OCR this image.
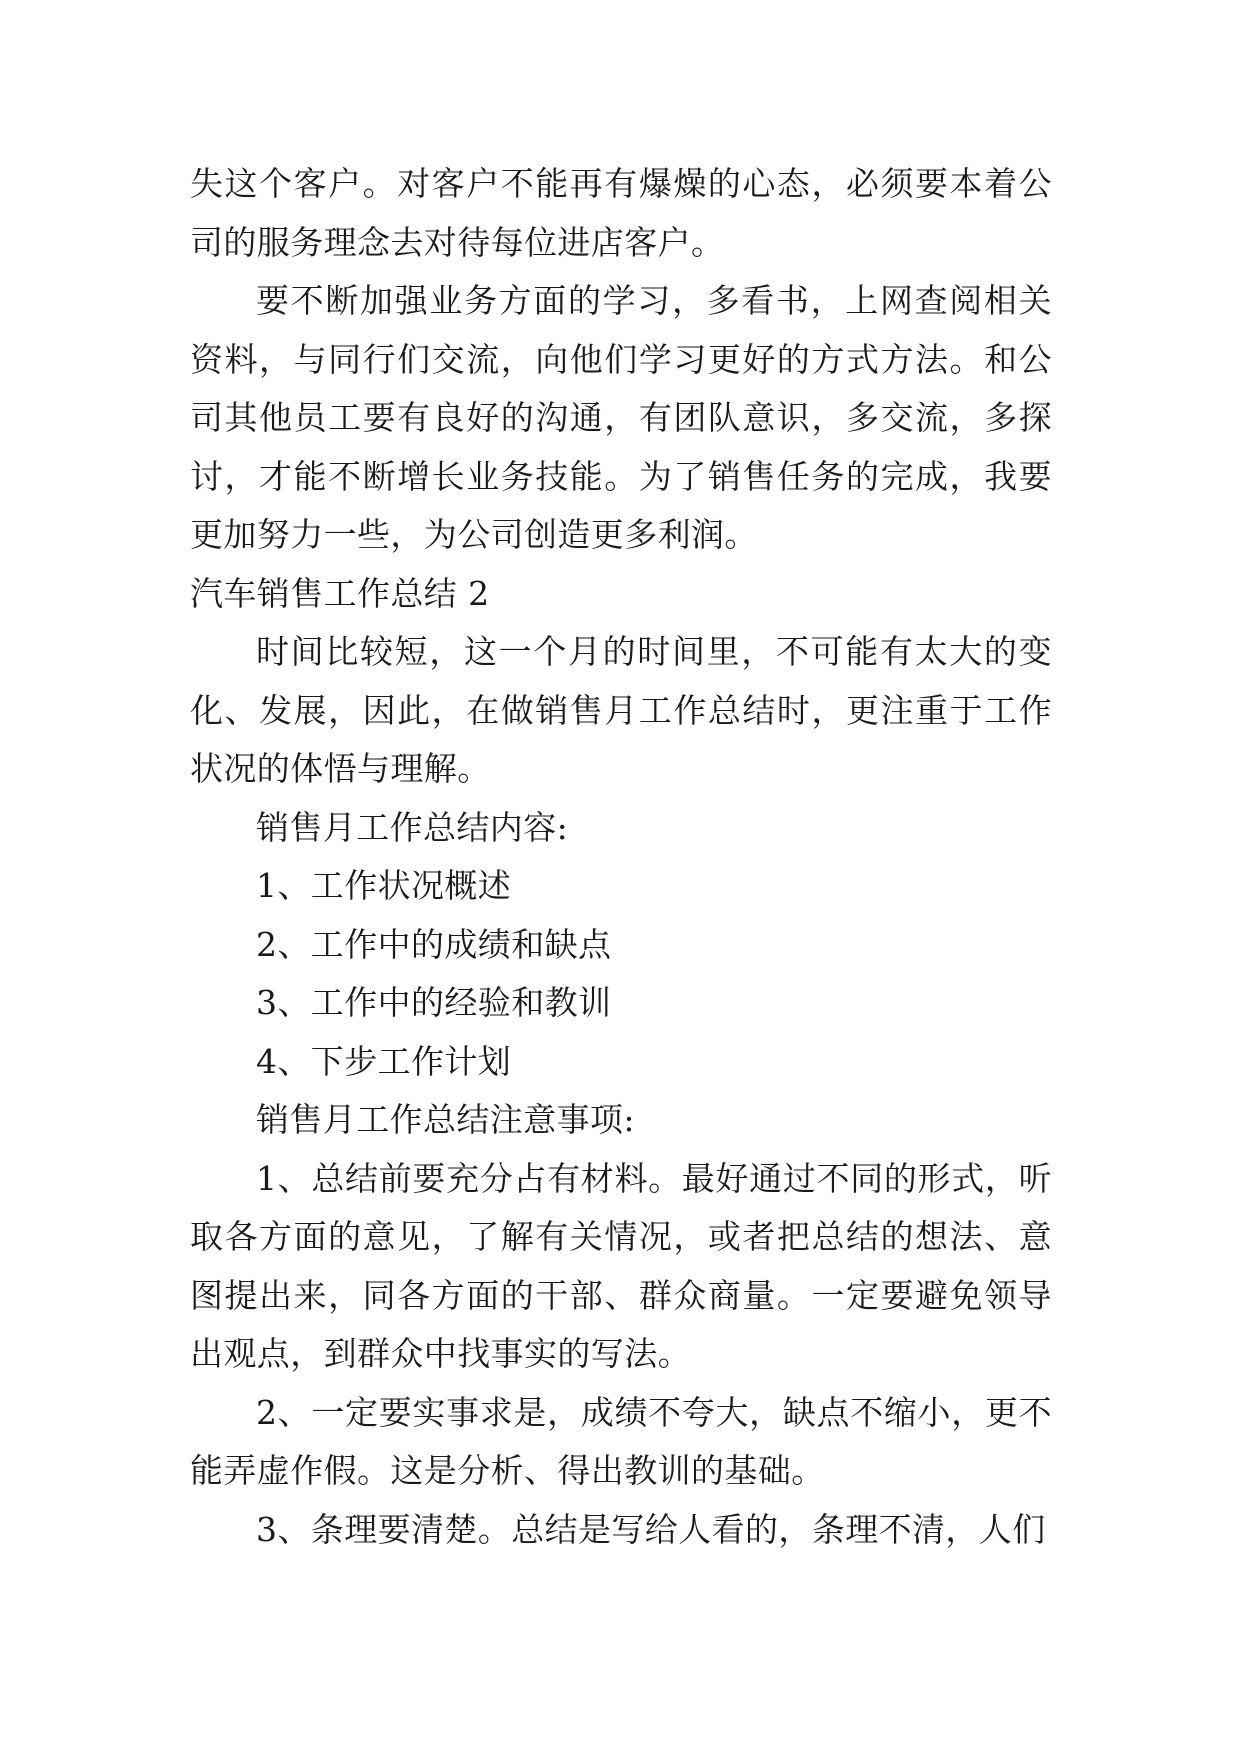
失这个客户。对客户不能再有爆燥的心态，必须要本着公司的服务理念去对待每位进店客户。

要不断加强业务方面的学习，多看书，上网查阅相关资料，与同行们交流，向他们学习更好的方式方法。和公司其他员工要有良好的沟通，有团队意识，多交流，多探讨，才能不断增长业务技能。为了销售任务的完成，我要更加努力一些，为公司创造更多利润。

汽车销售工作总结 2

时间比较短，这一个月的时间里，不可能有太大的变化、发展，因此，在做销售月工作总结时，更注重于工作状况的体悟与理解。

销售月工作总结内容:

1、工作状况概述

2、工作中的成绩和缺点

3、工作中的经验和教训

4、下步工作计划

销售月工作总结注意事项:

1、总结前要充分占有材料。最好通过不同的形式，听取各方面的意见，了解有关情况，或者把总结的想法、意图提出来，同各方面的干部、群众商量。一定要避免领导出观点，到群众中找事实的写法。

2、一定要实事求是，成绩不夸大，缺点不缩小，更不能弄虚作假。这是分析、得出教训的基础。

3、条理要清楚。总结是写给人看的，条理不清，人们
